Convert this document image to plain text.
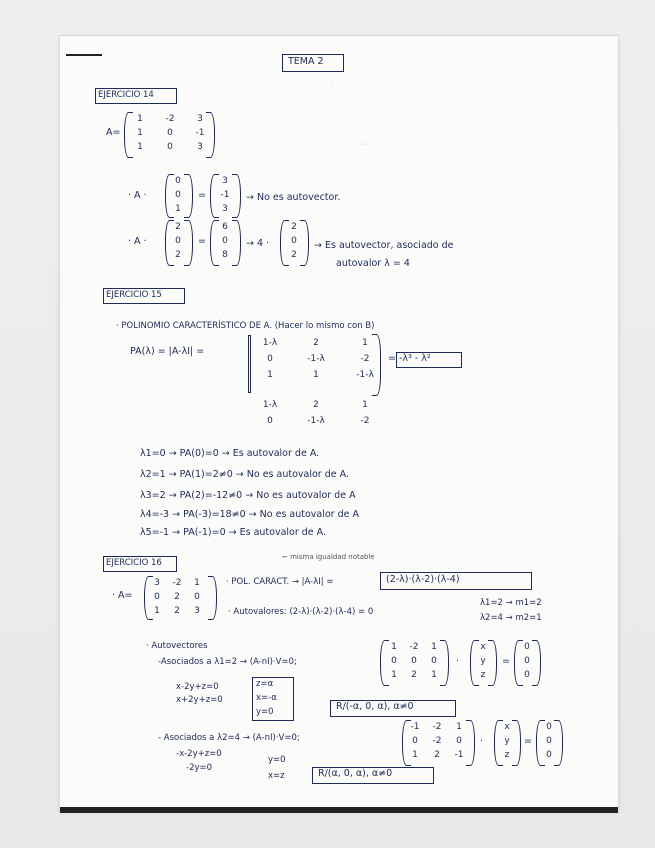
–
~
·
TEMA 2
EJERCICIO 14
A=
1	-2	3
1	0	-1
1	0	3
· A ·
0
0
1
=
3
-1
3
→ No es autovector.
· A ·
2
0
2
=
6
0
8
→ 4 ·
2
0
2
→ Es autovector, asociado de
autovalor λ = 4
EJERCICIO 15
· POLINOMIO CARACTERÍSTICO DE A. (Hacer lo mismo con B)
PA(λ) = |A-λI| =
1-λ	2	1
0	-1-λ	-2
1	1	-1-λ
= -λ³ - λ²
1-λ	2	1
0	-1-λ	-2
λ1=0 → PA(0)=0 → Es autovalor de A.
λ2=1 → PA(1)=2≠0 → No es autovalor de A.
λ3=2 → PA(2)=-12≠0 → No es autovalor de A
λ4=-3 → PA(-3)=18≠0 → No es autovalor de A
λ5=-1 → PA(-1)=0 → Es autovalor de A.
EJERCICIO 16
⌐ misma igualdad notable
· A=
3	-2	1
0	2	0
1	2	3
· POL. CARACT. → |A-λI| =	(2-λ)·(λ-2)·(λ-4)
· Autovalores: (2-λ)·(λ-2)·(λ-4) = 0
λ1=2 → m1=2
λ2=4 → m2=1
· Autovectores
-Asociados a λ1=2 → (A-nI)·V=0;
1	-2	1
0	0	0
1	2	1
·
x
y
z
=
0
0
0
x-2y+z=0
x+2y+z=0
z=α
x=-α
y=0	R/(-α, 0, α), α≠0
- Asociados a λ2=4 → (A-nI)·V=0;
-1 -2	1
0	-2	0
1	2	-1
·
x
y
z
=
0
0
0
-x-2y+z=0
-2y=0
y=0
x=z	R/(α, 0, α), α≠0
